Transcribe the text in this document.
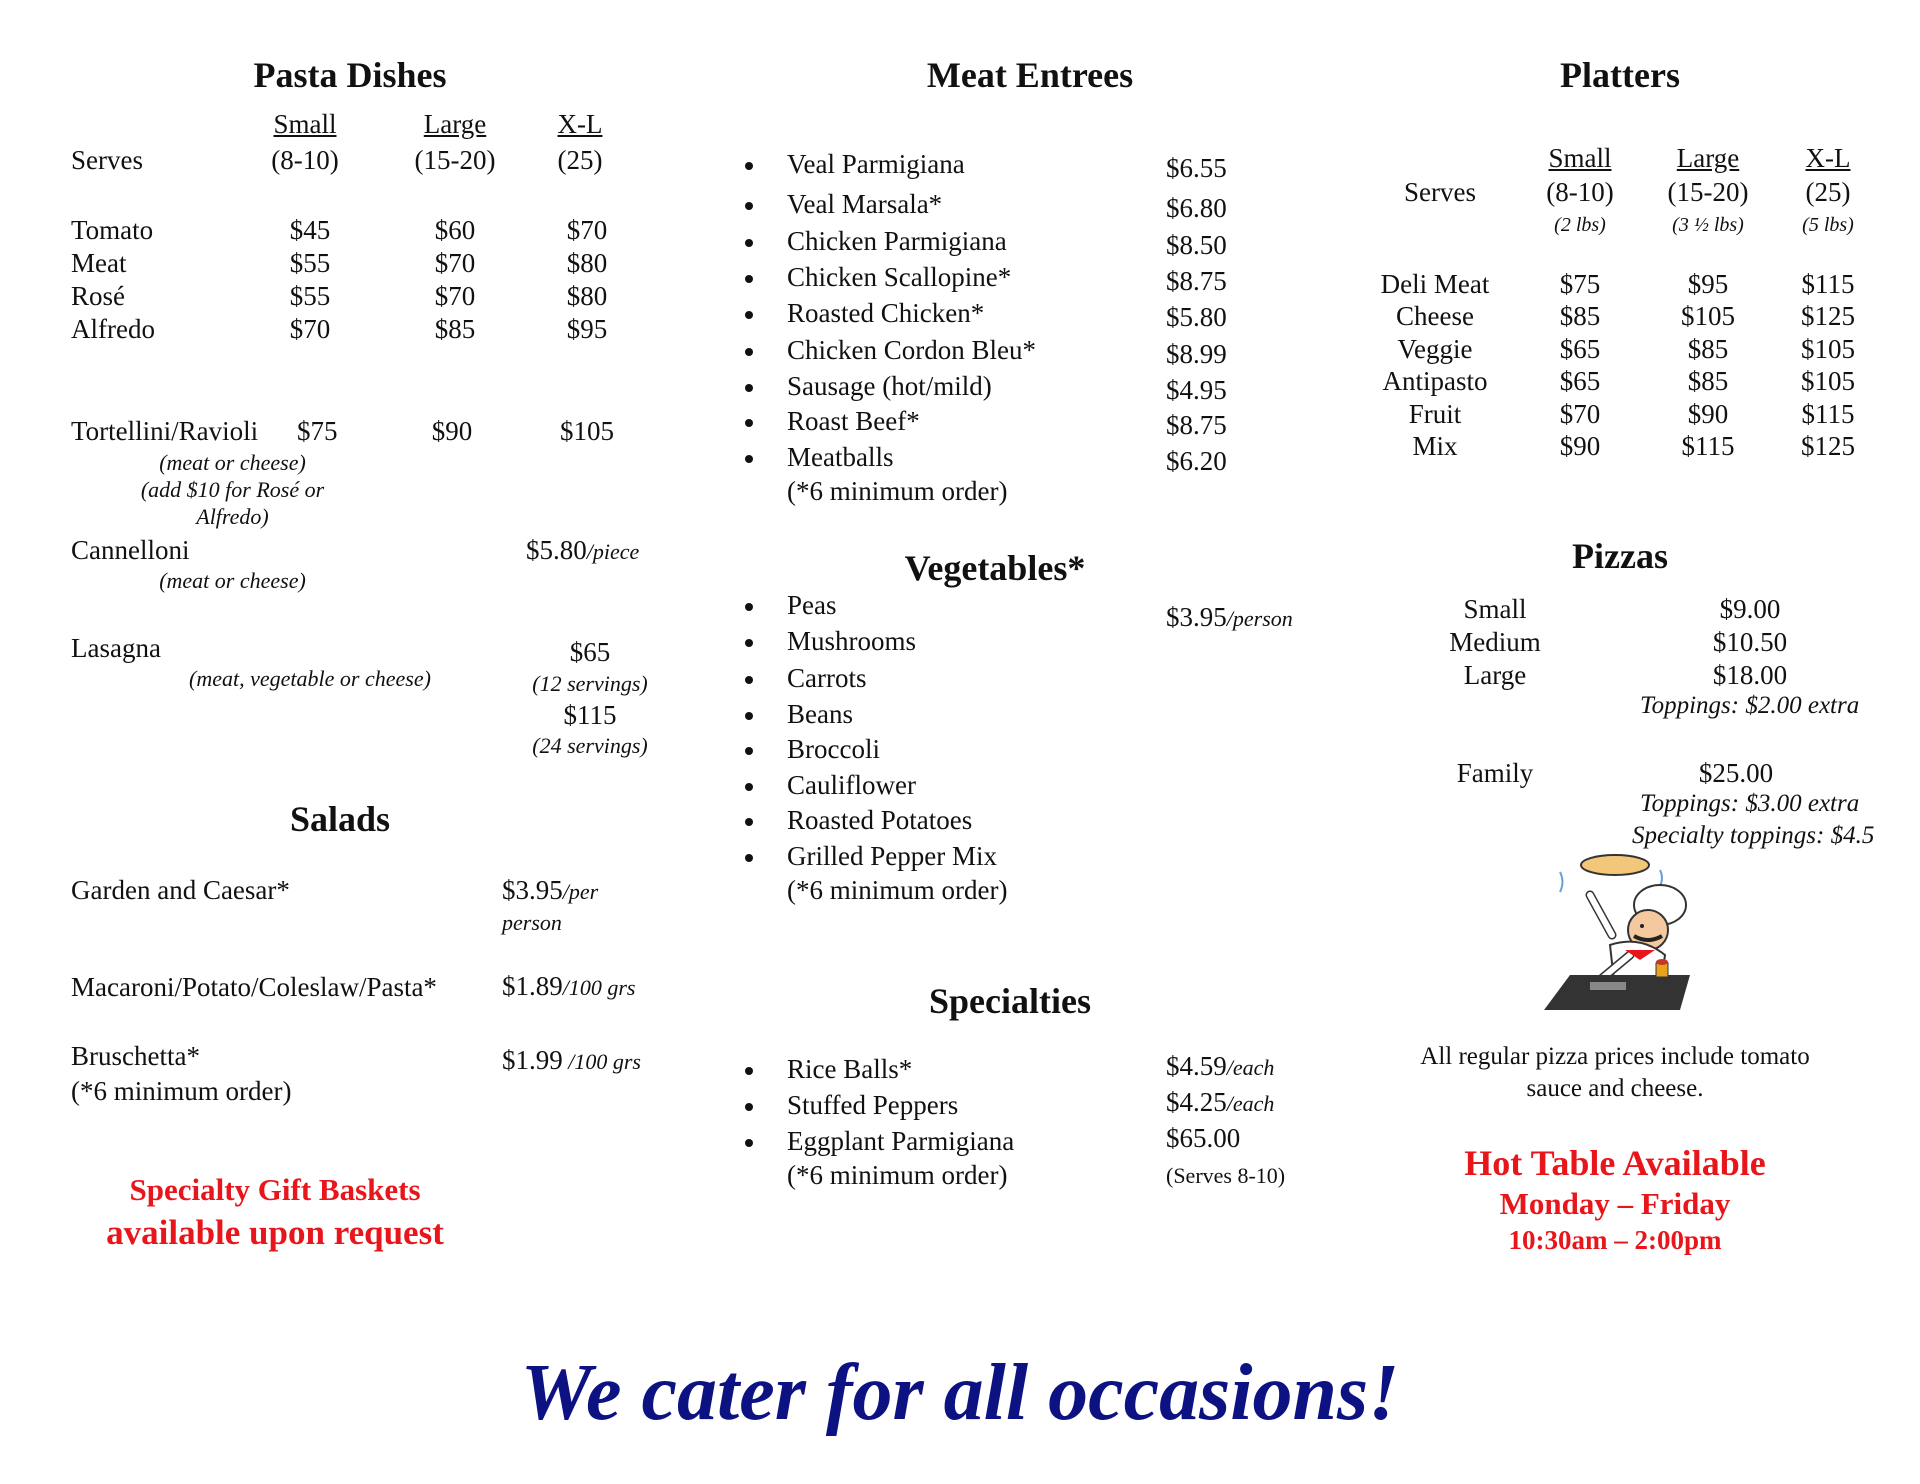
Pasta Dishes
Small	Large	X-L
Serves	(8-10)	(15-20)	(25)
Tomato	$45	$60	$70
Meat	$55	$70	$80
Rosé	$55	$70	$80
Alfredo	$70	$85	$95
Tortellini/Ravioli $75	$90	$105
(meat or cheese)
(add $10 for Rosé or
Alfredo)
Cannelloni	$5.80/piece
(meat or cheese)
Lasagna
(meat, vegetable or cheese)
$65
(12 servings)
$115
(24 servings)
Salads
Garden and Caesar*	$3.95/per
person
Macaroni/Potato/Coleslaw/Pasta* $1.89/100 grs
Bruschetta*
(*6 minimum order)
$1.99 /100 grs
Specialty Gift Baskets
available upon request
Meat Entrees
Veal Parmigiana	$6.55
Veal Marsala*	$6.80
Chicken Parmigiana	$8.50
Chicken Scallopine*	$8.75
Roasted Chicken*	$5.80
Chicken Cordon Bleu*	$8.99
Sausage (hot/mild)	$4.95
Roast Beef*	$8.75
Meatballs	$6.20
(*6 minimum order)
Vegetables*
$3.95/person
Peas
Mushrooms
Carrots
Beans
Broccoli
Cauliflower
Roasted Potatoes
Grilled Pepper Mix
(*6 minimum order)
Specialties
Rice Balls*	$4.59/each
Stuffed Peppers	$4.25/each
Eggplant Parmigiana	$65.00
(*6 minimum order)	(Serves 8-10)
Platters
Small	Large	X-L
Serves	(8-10)	(15-20)	(25)
(2 lbs)	(3 ½ lbs)	(5 lbs)
Deli Meat	$75	$95	$115
Cheese	$85	$105	$125
Veggie	$65	$85	$105
Antipasto	$65	$85	$105
Fruit	$70	$90	$115
Mix	$90	$115	$125
Pizzas
Small	$9.00
Medium	$10.50
Large	$18.00
Toppings: $2.00 extra
Family	$25.00
Toppings: $3.00 extra
Specialty toppings: $4.5
All regular pizza prices include tomato
sauce and cheese.
Hot Table Available
Monday – Friday
10:30am – 2:00pm
We cater for all occasions!
